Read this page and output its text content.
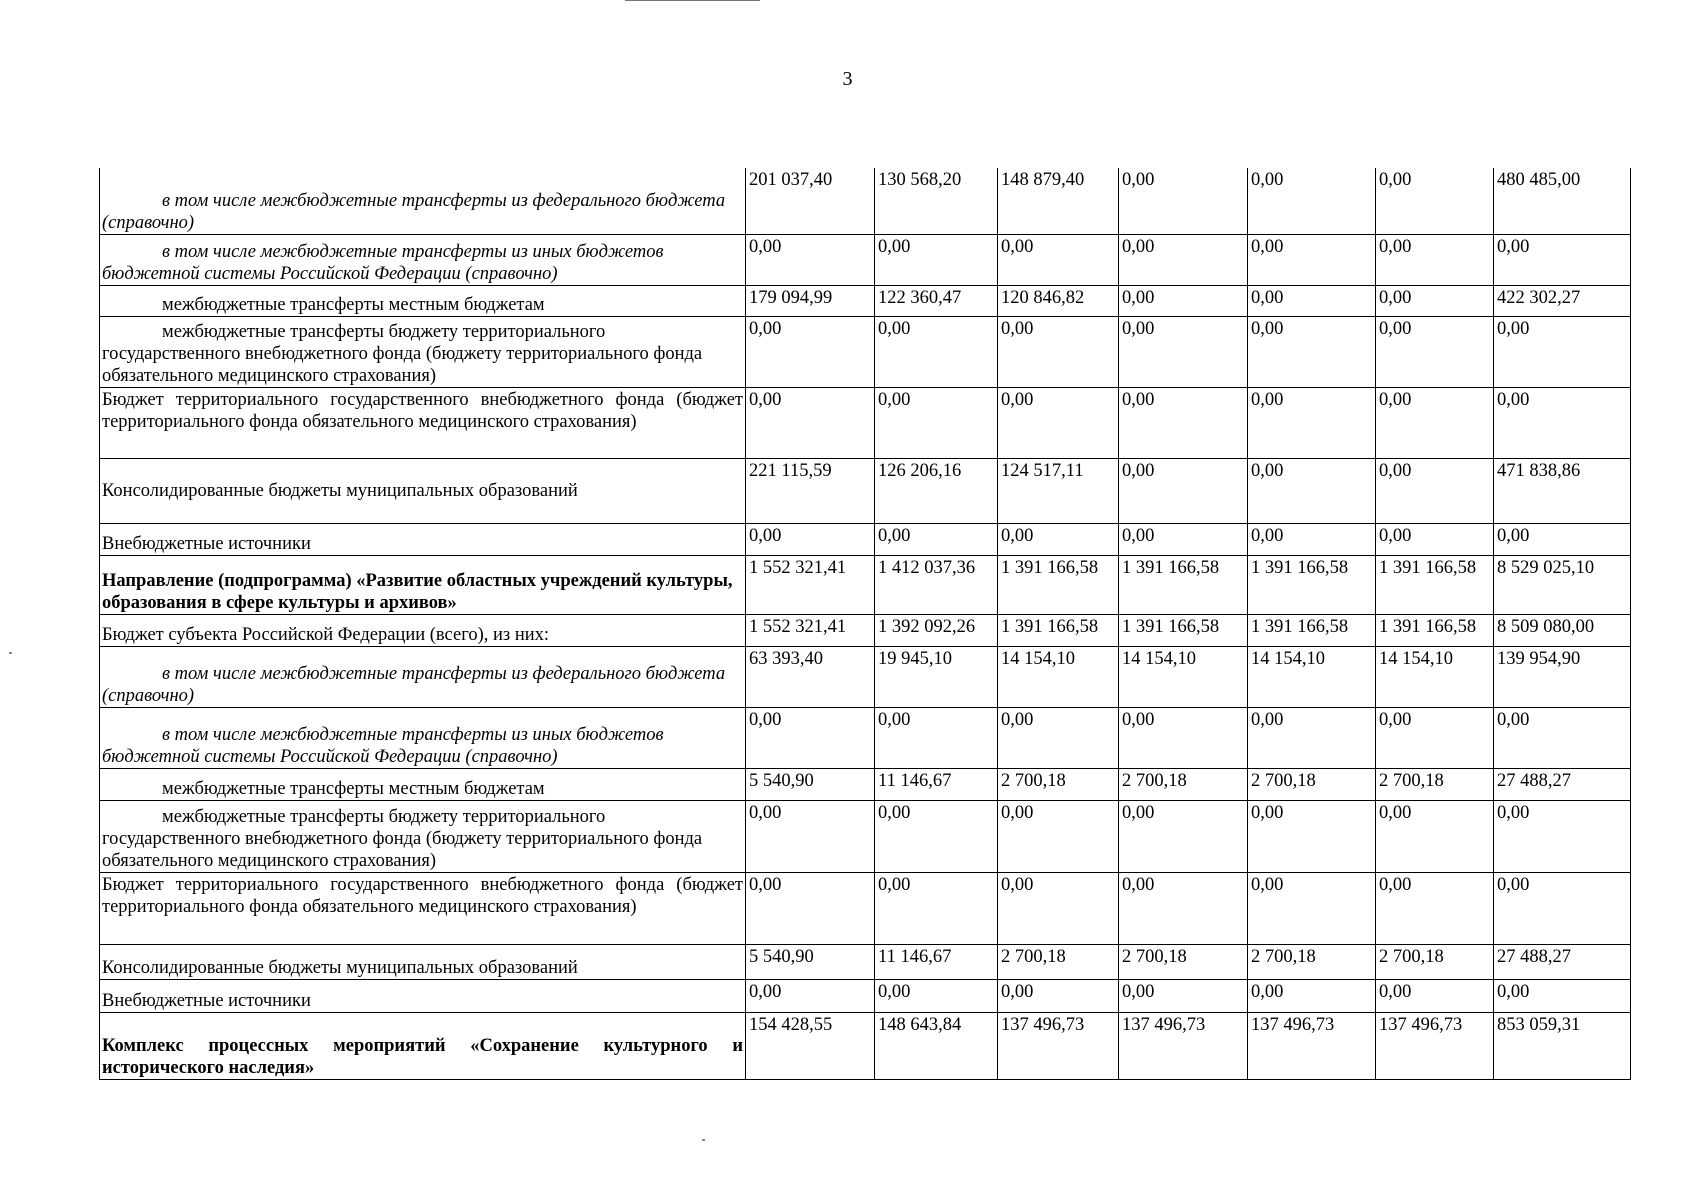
3
в том числе межбюджетные трансферты из федерального бюджета (справочно)	201 037,40	130 568,20	148 879,40	0,00	0,00	0,00	480 485,00
в том числе межбюджетные трансферты из иных бюджетов бюджетной системы Российской Федерации (справочно)	0,00	0,00	0,00	0,00	0,00	0,00	0,00
межбюджетные трансферты местным бюджетам	179 094,99	122 360,47	120 846,82	0,00	0,00	0,00	422 302,27
межбюджетные трансферты бюджету территориального государственного внебюджетного фонда (бюджету территориального фонда обязательного медицинского страхования)	0,00	0,00	0,00	0,00	0,00	0,00	0,00
Бюджет территориального государственного внебюджетного фонда (бюджет территориального фонда обязательного медицинского страхования)	0,00	0,00	0,00	0,00	0,00	0,00	0,00
Консолидированные бюджеты муниципальных образований	221 115,59	126 206,16	124 517,11	0,00	0,00	0,00	471 838,86
Внебюджетные источники	0,00	0,00	0,00	0,00	0,00	0,00	0,00
Направление (подпрограмма) «Развитие областных учреждений культуры, образования в сфере культуры и архивов»	1 552 321,41	1 412 037,36	1 391 166,58	1 391 166,58	1 391 166,58	1 391 166,58	8 529 025,10
Бюджет субъекта Российской Федерации (всего), из них:	1 552 321,41	1 392 092,26	1 391 166,58	1 391 166,58	1 391 166,58	1 391 166,58	8 509 080,00
в том числе межбюджетные трансферты из федерального бюджета (справочно)	63 393,40	19 945,10	14 154,10	14 154,10	14 154,10	14 154,10	139 954,90
в том числе межбюджетные трансферты из иных бюджетов бюджетной системы Российской Федерации (справочно)	0,00	0,00	0,00	0,00	0,00	0,00	0,00
межбюджетные трансферты местным бюджетам	5 540,90	11 146,67	2 700,18	2 700,18	2 700,18	2 700,18	27 488,27
межбюджетные трансферты бюджету территориального государственного внебюджетного фонда (бюджету территориального фонда обязательного медицинского страхования)	0,00	0,00	0,00	0,00	0,00	0,00	0,00
Бюджет территориального государственного внебюджетного фонда (бюджет территориального фонда обязательного медицинского страхования)	0,00	0,00	0,00	0,00	0,00	0,00	0,00
Консолидированные бюджеты муниципальных образований	5 540,90	11 146,67	2 700,18	2 700,18	2 700,18	2 700,18	27 488,27
Внебюджетные источники	0,00	0,00	0,00	0,00	0,00	0,00	0,00
Комплекс процессных мероприятий «Сохранение культурного и исторического наследия»	154 428,55	148 643,84	137 496,73	137 496,73	137 496,73	137 496,73	853 059,31
